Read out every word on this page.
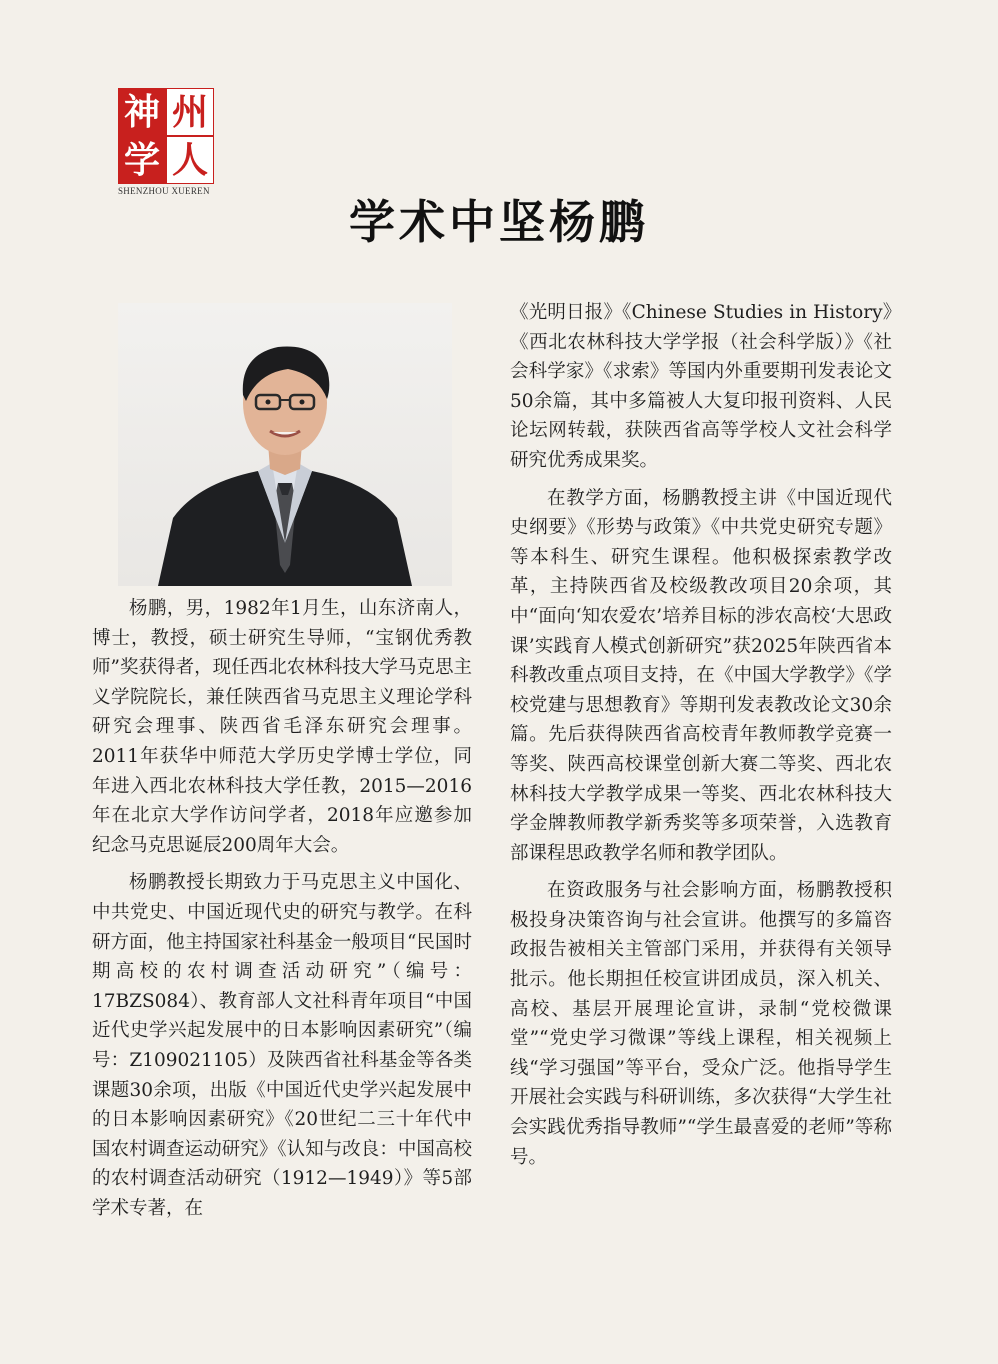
神 州
学 人
SHENZHOU XUEREN
学术中坚杨鹏

杨鹏，男，1982年1月生，山东济南人，博士，教授，硕士研究生导师，“宝钢优秀教师”奖获得者，现任西北农林科技大学马克思主义学院院长，兼任陕西省马克思主义理论学科研究会理事、陕西省毛泽东研究会理事。2011年获华中师范大学历史学博士学位，同年进入西北农林科技大学任教，2015—2016年在北京大学作访问学者，2018年应邀参加纪念马克思诞辰200周年大会。

杨鹏教授长期致力于马克思主义中国化、中共党史、中国近现代史的研究与教学。在科研方面，他主持国家社科基金一般项目“民国时期高校的农村调查活动研究”（编号：17BZS084）、教育部人文社科青年项目“中国近代史学兴起发展中的日本影响因素研究”（编号：Z109021105）及陕西省社科基金等各类课题30余项，出版《中国近代史学兴起发展中的日本影响因素研究》《20世纪二三十年代中国农村调查运动研究》《认知与改良：中国高校的农村调查活动研究（1912—1949）》等5部学术专著，在

《光明日报》《Chinese Studies in History》《西北农林科技大学学报（社会科学版）》《社会科学家》《求索》等国内外重要期刊发表论文50余篇，其中多篇被人大复印报刊资料、人民论坛网转载，获陕西省高等学校人文社会科学研究优秀成果奖。

在教学方面，杨鹏教授主讲《中国近现代史纲要》《形势与政策》《中共党史研究专题》等本科生、研究生课程。他积极探索教学改革，主持陕西省及校级教改项目20余项，其中“面向‘知农爱农’培养目标的涉农高校‘大思政课’实践育人模式创新研究”获2025年陕西省本科教改重点项目支持，在《中国大学教学》《学校党建与思想教育》等期刊发表教改论文30余篇。先后获得陕西省高校青年教师教学竞赛一等奖、陕西高校课堂创新大赛二等奖、西北农林科技大学教学成果一等奖、西北农林科技大学金牌教师教学新秀奖等多项荣誉，入选教育部课程思政教学名师和教学团队。

在资政服务与社会影响方面，杨鹏教授积极投身决策咨询与社会宣讲。他撰写的多篇咨政报告被相关主管部门采用，并获得有关领导批示。他长期担任校宣讲团成员，深入机关、高校、基层开展理论宣讲，录制“党校微课堂”“党史学习微课”等线上课程，相关视频上线“学习强国”等平台，受众广泛。他指导学生开展社会实践与科研训练，多次获得“大学生社会实践优秀指导教师”“学生最喜爱的老师”等称号。
